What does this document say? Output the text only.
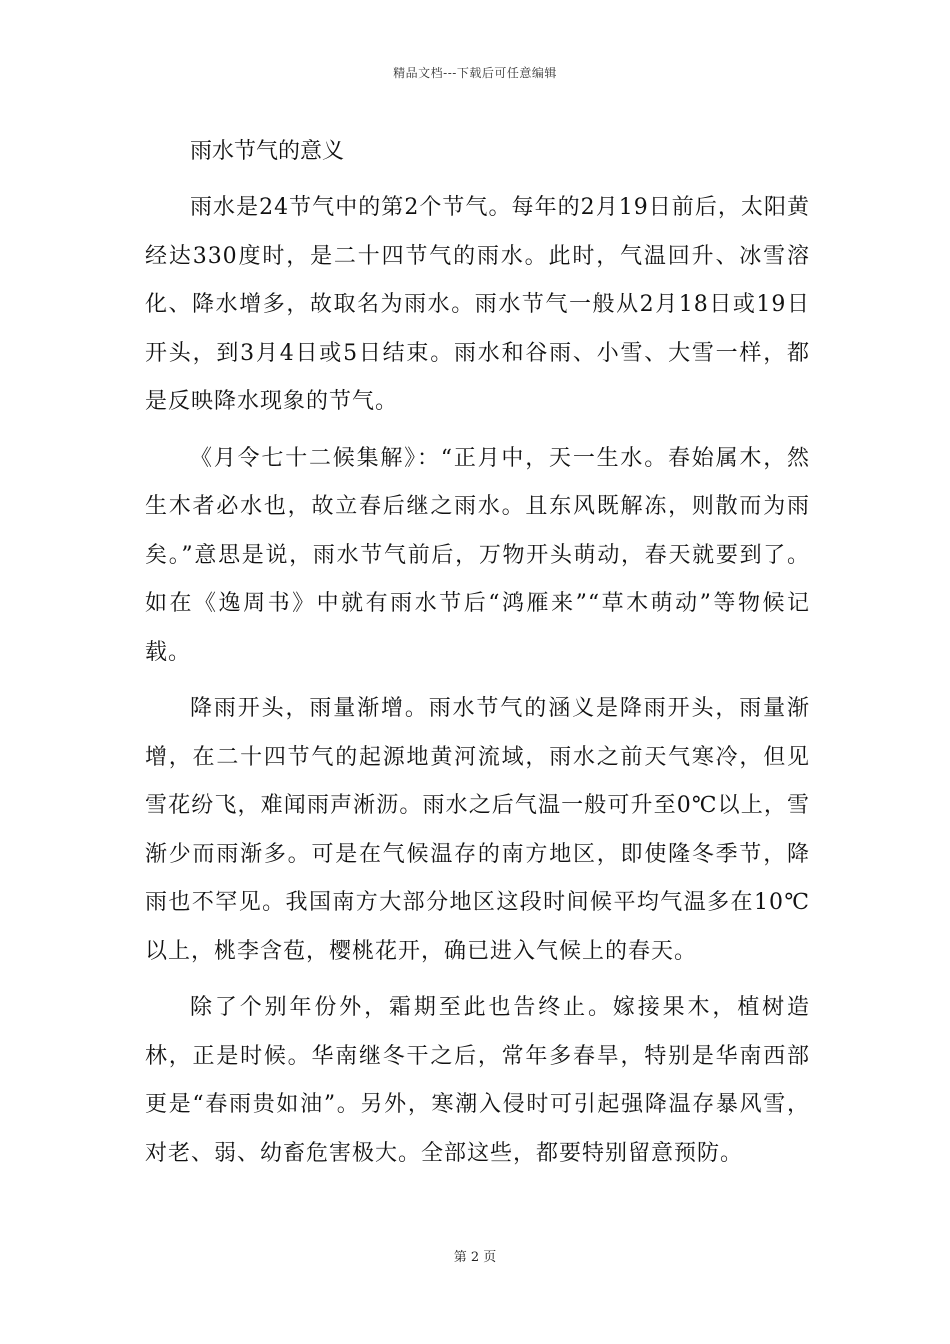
精品文档---下载后可任意编辑
雨水节气的意义

雨水是24节气中的第2个节气。每年的2月19日前后，太阳黄经达330度时，是二十四节气的雨水。此时，气温回升、冰雪溶化、降水增多，故取名为雨水。雨水节气一般从2月18日或19日开头，到3月4日或5日结束。雨水和谷雨、小雪、大雪一样，都是反映降水现象的节气。

《月令七十二候集解》：“正月中，天一生水。春始属木，然生木者必水也，故立春后继之雨水。且东风既解冻，则散而为雨矣。”意思是说，雨水节气前后，万物开头萌动，春天就要到了。如在《逸周书》中就有雨水节后“鸿雁来”“草木萌动”等物候记载。

降雨开头，雨量渐增。雨水节气的涵义是降雨开头，雨量渐增，在二十四节气的起源地黄河流域，雨水之前天气寒冷，但见雪花纷飞，难闻雨声淅沥。雨水之后气温一般可升至0℃以上，雪渐少而雨渐多。可是在气候温存的南方地区，即使隆冬季节，降雨也不罕见。我国南方大部分地区这段时间候平均气温多在10℃以上，桃李含苞，樱桃花开，确已进入气候上的春天。

除了个别年份外，霜期至此也告终止。嫁接果木，植树造林，正是时候。华南继冬干之后，常年多春旱，特别是华南西部更是“春雨贵如油”。另外，寒潮入侵时可引起强降温存暴风雪，对老、弱、幼畜危害极大。全部这些，都要特别留意预防。

第 2 页
